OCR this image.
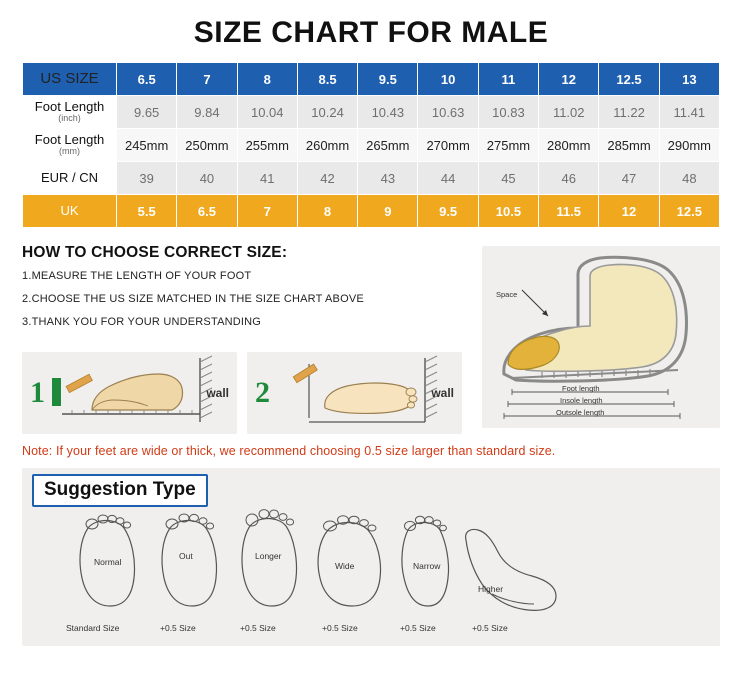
SIZE CHART FOR MALE
US SIZE	6.5	7	8	8.5	9.5	10	11	12	12.5	13
Foot Length
(inch)	9.65	9.84	10.04	10.24	10.43	10.63	10.83	11.02	11.22	11.41
Foot Length
(mm)	245mm	250mm	255mm	260mm	265mm	270mm	275mm	280mm	285mm	290mm
EUR / CN	39	40	41	42	43	44	45	46	47	48
UK	5.5	6.5	7	8	9	9.5	10.5	11.5	12	12.5
HOW TO CHOOSE CORRECT SIZE:
1.MEASURE THE LENGTH OF YOUR FOOT
2.CHOOSE THE US SIZE MATCHED IN THE SIZE CHART ABOVE
3.THANK YOU FOR YOUR UNDERSTANDING
1	wall 2	wall
Space
Foot length
Insole length
Outsole length
Note: If your feet are wide or thick, we recommend choosing 0.5 size larger than standard size.
Suggestion Type
Normal
Out	Longer
Wide	Narrow
Higher
Standard Size	+0.5 Size	+0.5 Size	+0.5 Size	+0.5 Size	+0.5 Size
